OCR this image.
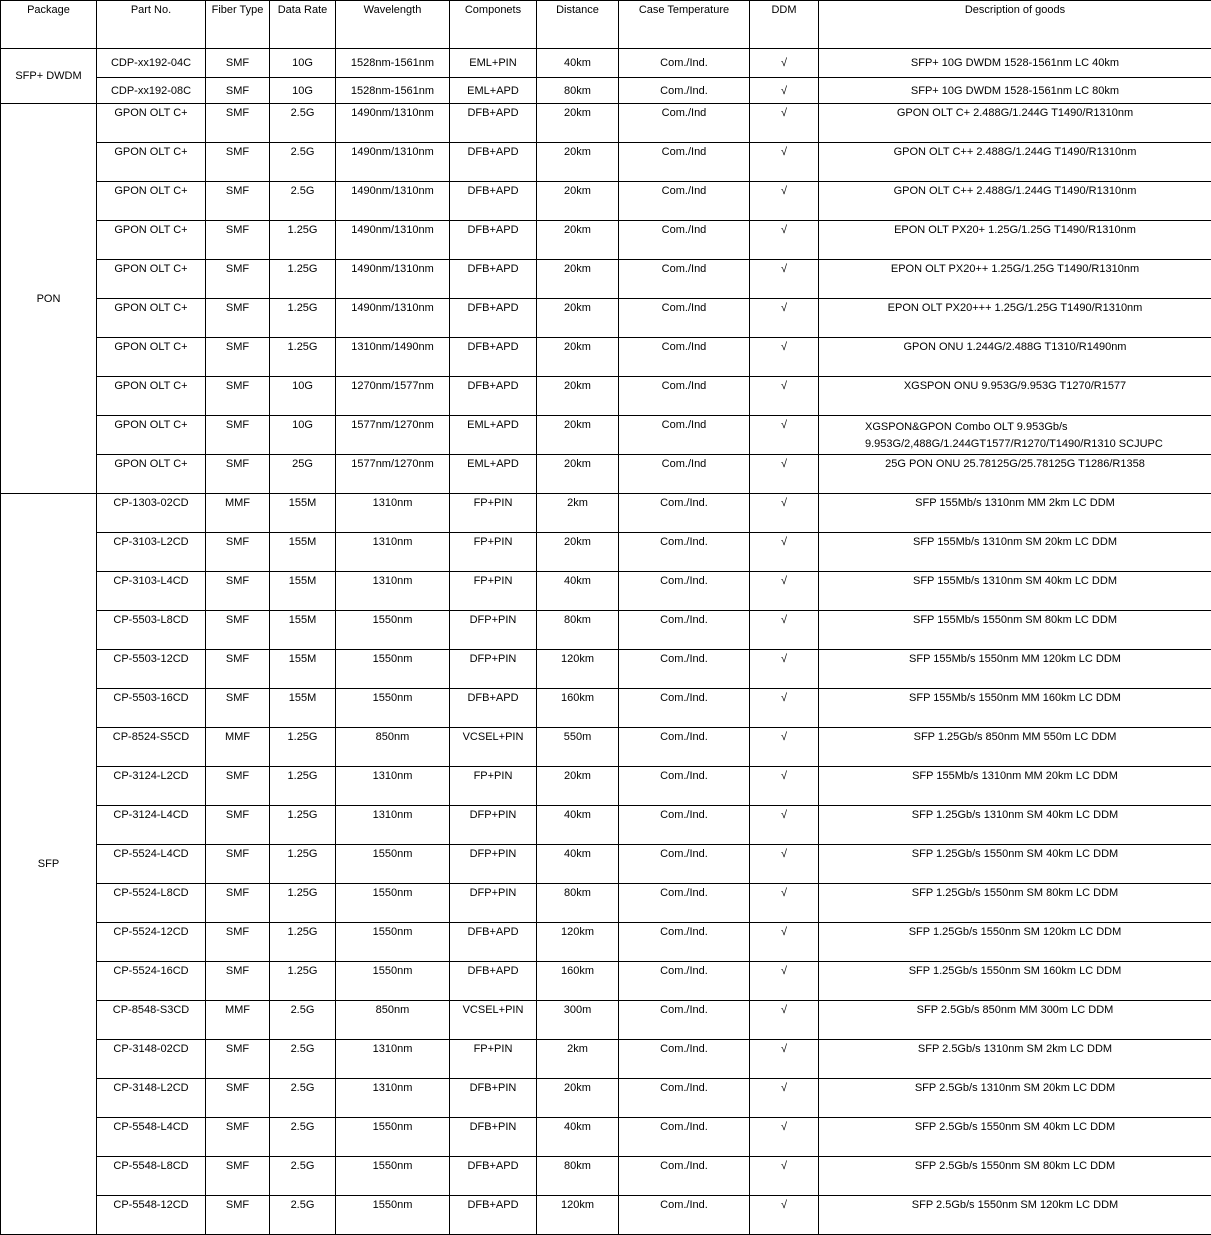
Package	Part No.	Fiber Type	Data Rate	Wavelength	Componets	Distance	Case Temperature	DDM	Description of goods
SFP+ DWDM	CDP-xx192-04C	SMF	10G	1528nm-1561nm	EML+PIN	40km	Com./Ind.	√	SFP+ 10G DWDM 1528-1561nm LC 40km
	CDP-xx192-08C	SMF	10G	1528nm-1561nm	EML+APD	80km	Com./Ind.	√	SFP+ 10G DWDM 1528-1561nm LC 80km
PON	GPON OLT C+	SMF	2.5G	1490nm/1310nm	DFB+APD	20km	Com./Ind	√	GPON OLT C+ 2.488G/1.244G T1490/R1310nm
	GPON OLT C+	SMF	2.5G	1490nm/1310nm	DFB+APD	20km	Com./Ind	√	GPON OLT C++ 2.488G/1.244G T1490/R1310nm
	GPON OLT C+	SMF	2.5G	1490nm/1310nm	DFB+APD	20km	Com./Ind	√	GPON OLT C++ 2.488G/1.244G T1490/R1310nm
	GPON OLT C+	SMF	1.25G	1490nm/1310nm	DFB+APD	20km	Com./Ind	√	EPON OLT PX20+ 1.25G/1.25G T1490/R1310nm
	GPON OLT C+	SMF	1.25G	1490nm/1310nm	DFB+APD	20km	Com./Ind	√	EPON OLT PX20++ 1.25G/1.25G T1490/R1310nm
	GPON OLT C+	SMF	1.25G	1490nm/1310nm	DFB+APD	20km	Com./Ind	√	EPON OLT PX20+++ 1.25G/1.25G T1490/R1310nm
	GPON OLT C+	SMF	1.25G	1310nm/1490nm	DFB+APD	20km	Com./Ind	√	GPON ONU 1.244G/2.488G T1310/R1490nm
	GPON OLT C+	SMF	10G	1270nm/1577nm	DFB+APD	20km	Com./Ind	√	XGSPON ONU 9.953G/9.953G T1270/R1577
	GPON OLT C+	SMF	10G	1577nm/1270nm	EML+APD	20km	Com./Ind	√	XGSPON&GPON Combo OLT 9.953Gb/s 9.953G/2,488G/1.244GT1577/R1270/T1490/R1310 SCJUPC
	GPON OLT C+	SMF	25G	1577nm/1270nm	EML+APD	20km	Com./Ind	√	25G PON ONU 25.78125G/25.78125G T1286/R1358
SFP	CP-1303-02CD	MMF	155M	1310nm	FP+PIN	2km	Com./Ind.	√	SFP 155Mb/s 1310nm MM 2km LC DDM
	CP-3103-L2CD	SMF	155M	1310nm	FP+PIN	20km	Com./Ind.	√	SFP 155Mb/s 1310nm SM 20km LC DDM
	CP-3103-L4CD	SMF	155M	1310nm	FP+PIN	40km	Com./Ind.	√	SFP 155Mb/s 1310nm SM 40km LC DDM
	CP-5503-L8CD	SMF	155M	1550nm	DFP+PIN	80km	Com./Ind.	√	SFP 155Mb/s 1550nm SM 80km LC DDM
	CP-5503-12CD	SMF	155M	1550nm	DFP+PIN	120km	Com./Ind.	√	SFP 155Mb/s 1550nm MM 120km LC DDM
	CP-5503-16CD	SMF	155M	1550nm	DFB+APD	160km	Com./Ind.	√	SFP 155Mb/s 1550nm MM 160km LC DDM
	CP-8524-S5CD	MMF	1.25G	850nm	VCSEL+PIN	550m	Com./Ind.	√	SFP 1.25Gb/s 850nm MM 550m LC DDM
	CP-3124-L2CD	SMF	1.25G	1310nm	FP+PIN	20km	Com./Ind.	√	SFP 155Mb/s 1310nm MM 20km LC DDM
	CP-3124-L4CD	SMF	1.25G	1310nm	DFP+PIN	40km	Com./Ind.	√	SFP 1.25Gb/s 1310nm SM 40km LC DDM
	CP-5524-L4CD	SMF	1.25G	1550nm	DFP+PIN	40km	Com./Ind.	√	SFP 1.25Gb/s 1550nm SM 40km LC DDM
	CP-5524-L8CD	SMF	1.25G	1550nm	DFP+PIN	80km	Com./Ind.	√	SFP 1.25Gb/s 1550nm SM 80km LC DDM
	CP-5524-12CD	SMF	1.25G	1550nm	DFB+APD	120km	Com./Ind.	√	SFP 1.25Gb/s 1550nm SM 120km LC DDM
	CP-5524-16CD	SMF	1.25G	1550nm	DFB+APD	160km	Com./Ind.	√	SFP 1.25Gb/s 1550nm SM 160km LC DDM
	CP-8548-S3CD	MMF	2.5G	850nm	VCSEL+PIN	300m	Com./Ind.	√	SFP 2.5Gb/s 850nm MM 300m LC DDM
	CP-3148-02CD	SMF	2.5G	1310nm	FP+PIN	2km	Com./Ind.	√	SFP 2.5Gb/s 1310nm SM 2km LC DDM
	CP-3148-L2CD	SMF	2.5G	1310nm	DFB+PIN	20km	Com./Ind.	√	SFP 2.5Gb/s 1310nm SM 20km LC DDM
	CP-5548-L4CD	SMF	2.5G	1550nm	DFB+PIN	40km	Com./Ind.	√	SFP 2.5Gb/s 1550nm SM 40km LC DDM
	CP-5548-L8CD	SMF	2.5G	1550nm	DFB+APD	80km	Com./Ind.	√	SFP 2.5Gb/s 1550nm SM 80km LC DDM
	CP-5548-12CD	SMF	2.5G	1550nm	DFB+APD	120km	Com./Ind.	√	SFP 2.5Gb/s 1550nm SM 120km LC DDM
